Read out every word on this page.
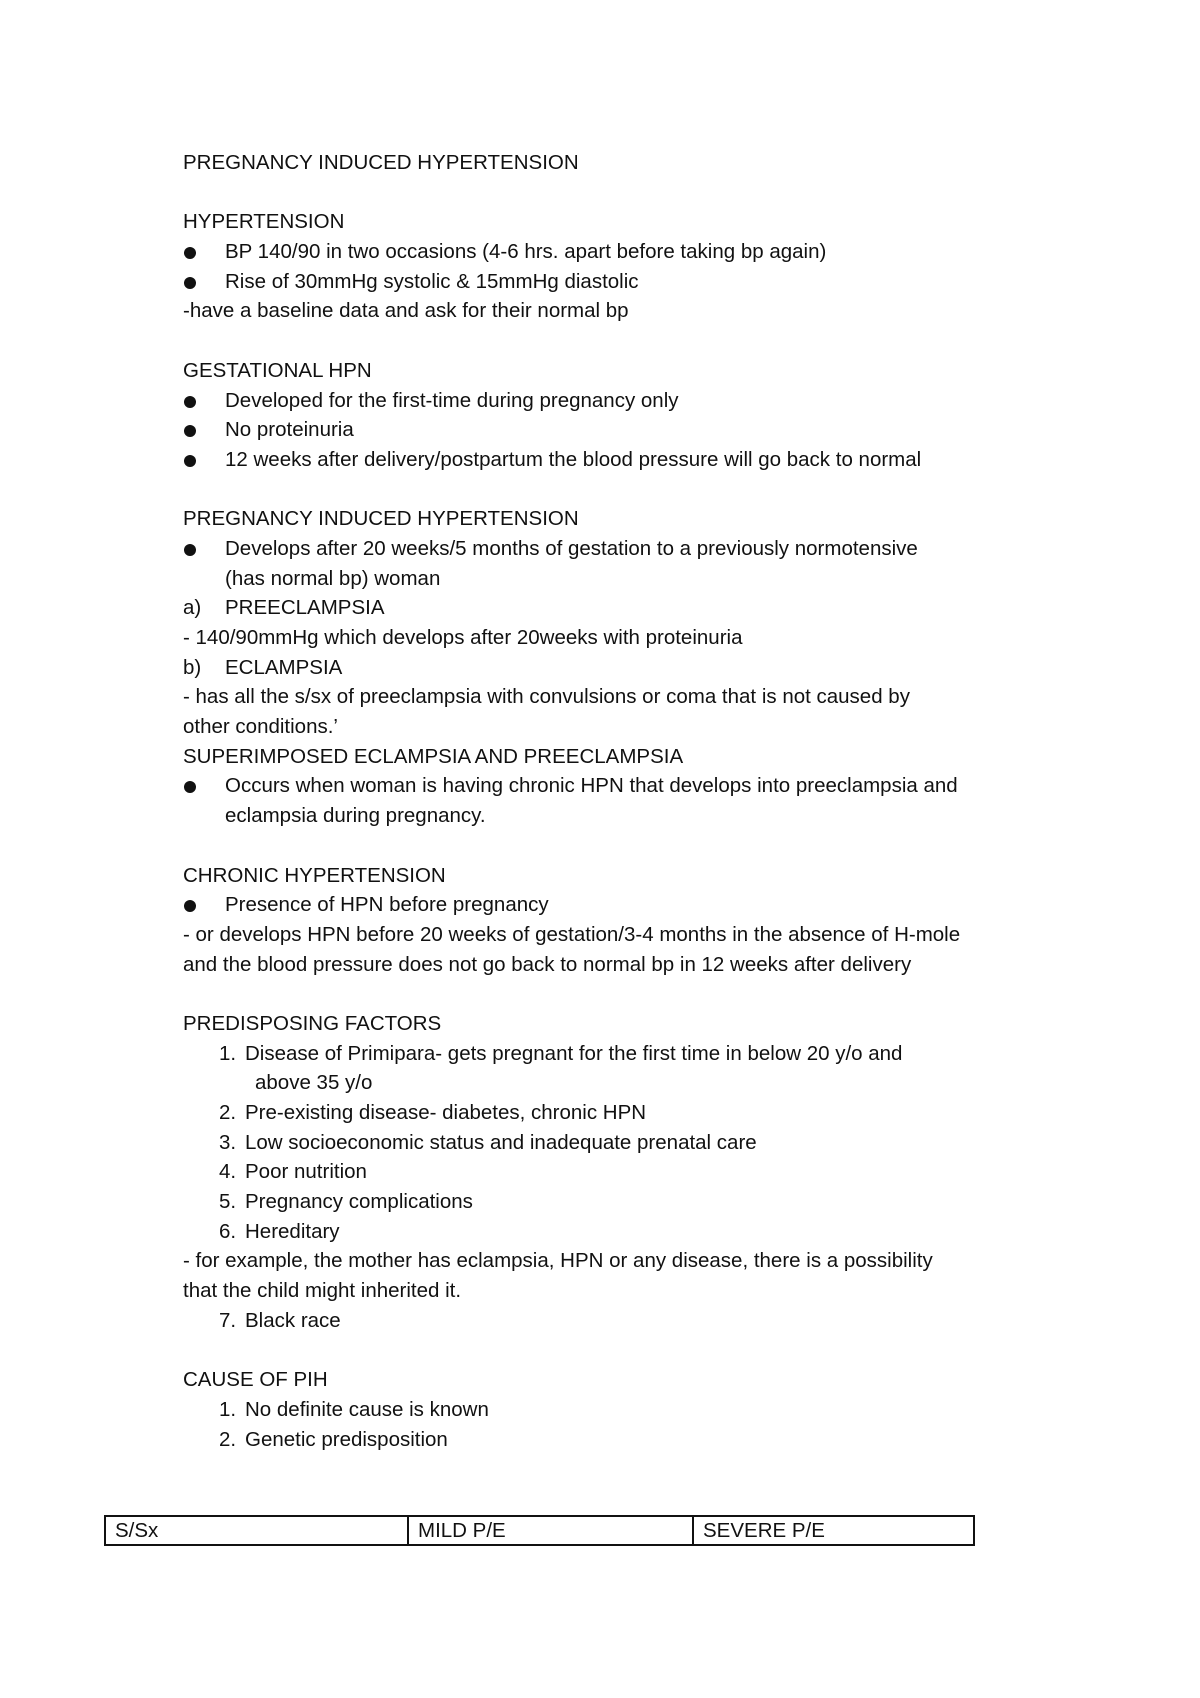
PREGNANCY INDUCED HYPERTENSION
HYPERTENSION
BP 140/90 in two occasions (4-6 hrs. apart before taking bp again)
Rise of 30mmHg systolic & 15mmHg diastolic
-have a baseline data and ask for their normal bp
GESTATIONAL HPN
Developed for the first-time during pregnancy only
No proteinuria
12 weeks after delivery/postpartum the blood pressure will go back to normal
PREGNANCY INDUCED HYPERTENSION
Develops after 20 weeks/5 months of gestation to a previously normotensive
(has normal bp) woman
a) PREECLAMPSIA
- 140/90mmHg which develops after 20weeks with proteinuria
b) ECLAMPSIA
- has all the s/sx of preeclampsia with convulsions or coma that is not caused by
other conditions.’
SUPERIMPOSED ECLAMPSIA AND PREECLAMPSIA
Occurs when woman is having chronic HPN that develops into preeclampsia and
eclampsia during pregnancy.
CHRONIC HYPERTENSION
Presence of HPN before pregnancy
- or develops HPN before 20 weeks of gestation/3-4 months in the absence of H-mole
and the blood pressure does not go back to normal bp in 12 weeks after delivery
PREDISPOSING FACTORS
1. Disease of Primipara- gets pregnant for the first time in below 20 y/o and
above 35 y/o
2. Pre-existing disease- diabetes, chronic HPN
3. Low socioeconomic status and inadequate prenatal care
4. Poor nutrition
5. Pregnancy complications
6. Hereditary
- for example, the mother has eclampsia, HPN or any disease, there is a possibility
that the child might inherited it.
7. Black race
CAUSE OF PIH
1. No definite cause is known
2. Genetic predisposition
S/Sx	MILD P/E	SEVERE P/E
